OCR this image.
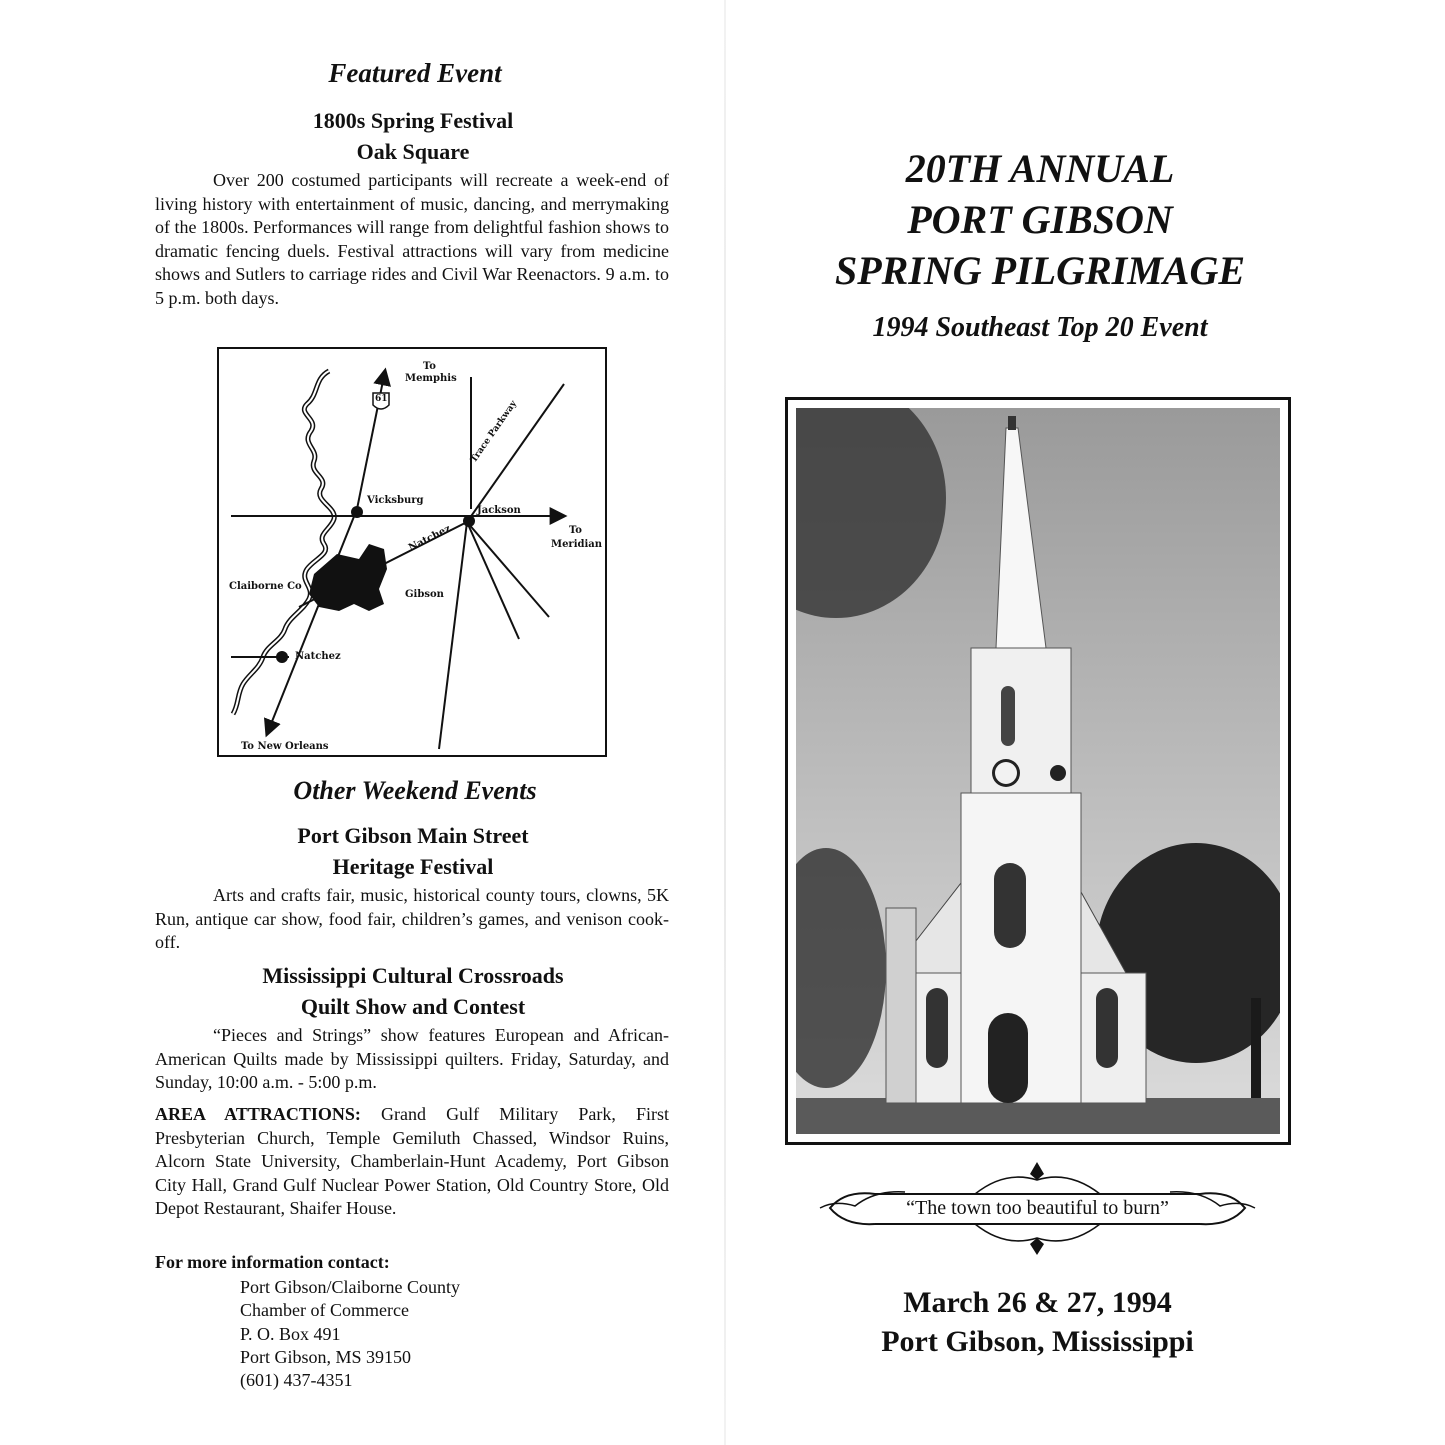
Featured Event
1800s Spring Festival
Oak Square
Over 200 costumed participants will recreate a week-end of living history with entertainment of music, dancing, and merrymaking of the 1800s. Performances will range from delightful fashion shows to dramatic fencing duels. Festival attractions will vary from medicine shows and Sutlers to carriage rides and Civil War Reenactors. 9 a.m. to 5 p.m. both days.
To
Memphis
61
Vicksburg
Jackson
Trace Parkway
Natchez	To
Meridian
Claiborne Co
Gibson
Natchez
To New Orleans
Other Weekend Events
Port Gibson Main Street
Heritage Festival
Arts and crafts fair, music, historical county tours, clowns, 5K Run, antique car show, food fair, children’s games, and venison cook-off.
Mississippi Cultural Crossroads
Quilt Show and Contest
“Pieces and Strings” show features European and African-American Quilts made by Mississippi quilters. Friday, Saturday, and Sunday, 10:00 a.m. - 5:00 p.m.
AREA ATTRACTIONS: Grand Gulf Military Park, First Presbyterian Church, Temple Gemiluth Chassed, Windsor Ruins, Alcorn State University, Chamberlain-Hunt Academy, Port Gibson City Hall, Grand Gulf Nuclear Power Station, Old Country Store, Old Depot Restaurant, Shaifer House.
For more information contact:
Port Gibson/Claiborne County
Chamber of Commerce
P. O. Box 491
Port Gibson, MS 39150
(601) 437-4351
20TH ANNUAL
PORT GIBSON
SPRING PILGRIMAGE
1994 Southeast Top 20 Event
“The town too beautiful to burn”
March 26 & 27, 1994
Port Gibson, Mississippi
